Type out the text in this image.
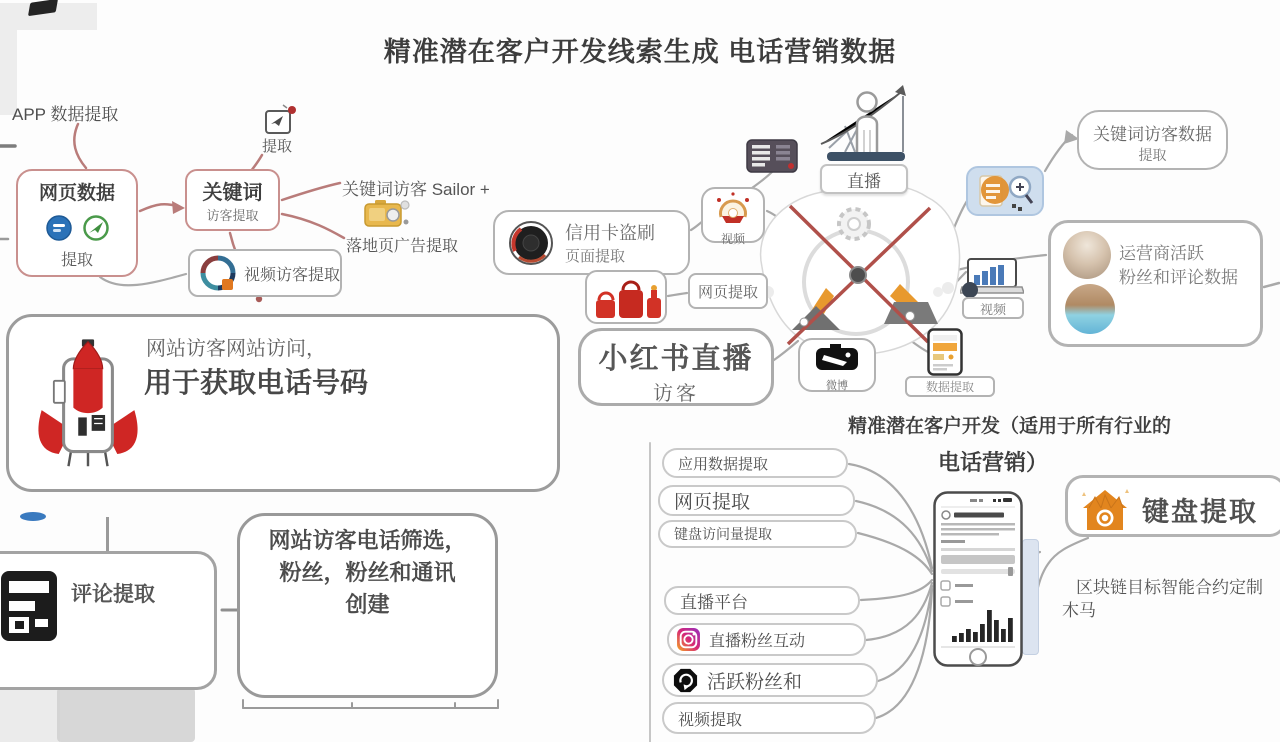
精准潜在客户开发线索生成 电话营销数据
APP 数据提取
网页数据
提取
提取
关键词
访客提取
关键词访客 Sailor +
落地页广告提取
视频访客提取
网站访客网站访问，
用于获取电话号码
评论提取
网站访客电话筛选，
粉丝，粉丝和通讯
创建
信用卡盗刷
页面提取
网页提取
视频
直播
关键词访客数据
提取
运营商活跃
粉丝和评论数据
视频
微博	数据提取
小红书直播
访客
精准潜在客户开发（适用于所有行业的
电话营销）
应用数据提取
网页提取
键盘访问量提取
直播平台
直播粉丝互动
活跃粉丝和
视频提取
键盘提取
区块链目标智能合约定制
木马
